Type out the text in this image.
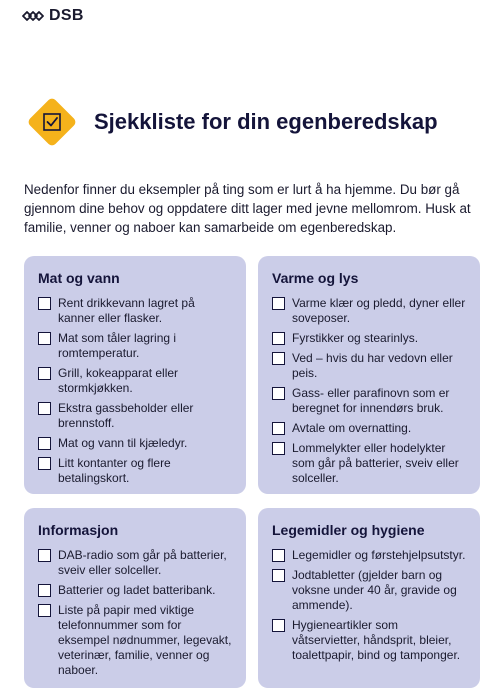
DSB
Sjekkliste for din egenberedskap

Nedenfor finner du eksempler på ting som er lurt å ha hjemme. Du bør gå gjennom dine behov og oppdatere ditt lager med jevne mellomrom. Husk at familie, venner og naboer kan samarbeide om egenberedskap.

Mat og vann
Rent drikkevann lagret på kanner eller flasker.
Mat som tåler lagring i romtemperatur.
Grill, kokeapparat eller stormkjøkken.
Ekstra gassbeholder eller brennstoff.
Mat og vann til kjæledyr.
Litt kontanter og flere betalingskort.
Varme og lys
Varme klær og pledd, dyner eller soveposer.
Fyrstikker og stearinlys.
Ved – hvis du har vedovn eller peis.
Gass- eller parafinovn som er beregnet for innendørs bruk.
Avtale om overnatting.
Lommelykter eller hodelykter som går på batterier, sveiv eller solceller.
Informasjon
DAB-radio som går på batterier, sveiv eller solceller.
Batterier og ladet batteribank.
Liste på papir med viktige telefonnummer som for eksempel nødnummer, legevakt, veterinær, familie, venner og naboer.
Legemidler og hygiene
Legemidler og førstehjelpsutstyr.
Jodtabletter (gjelder barn og voksne under 40 år, gravide og ammende).
Hygieneartikler som våtservietter, håndsprit, bleier, toalettpapir, bind og tamponger.
